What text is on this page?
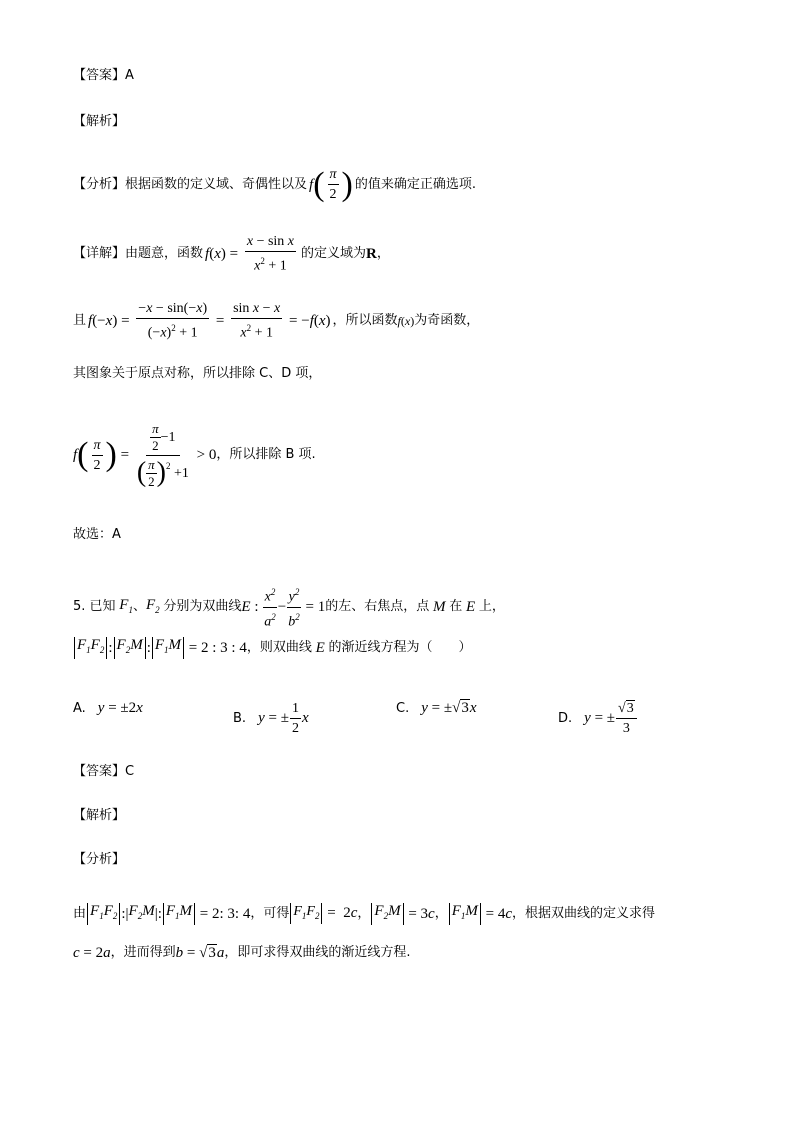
【答案】A
【解析】
【分析】 根据函数的定义域、奇偶性以及 f ( $\frac{\pi}{2}$ ) 的值来确定正确选项.
【详解】 由题意，函数 f ( x ) = $\frac{\text{x − sin x}}{x^2 + 1}$ 的定义域为 R ，
且 f (− x ) = $\frac{-x - \sin(-x)}{(-x)^2 + 1} = \frac{\text{sin x − x}}{x^2 + 1}$ = − f ( x ) ，所以函数 f(x) 为奇函数，
其图象关于原点对称，所以排除 C、D 项，
f ( $\frac{\pi}{2}$ ) = $\frac{\frac{\pi}{2} -1}{( \frac{\pi}{2} )^2 +1} > 0$ ，所以排除 B 项.
故选：A
5. 已知 $F_1$ 、 $F_2$ 分别为双曲线 E : $\frac{x^2}{a^2} - \frac{y^2}{b^2} = 1$ 的左、右焦点，点 M 在 E 上，
$F_1F_2$ : $F_2M$ : $F_1M = 2$ : 3 : 4 ，则双曲线 E 的渐近线方程为（　　）
A. y = ±2x
B. y = ± $\frac{1}{2}$ x
C. y = ±√3x
D. y = ± $\frac{√3}{3}$
【答案】C
【解析】
【分析】
由 $F_1F_2$ :| $F_2M$ |: $F_1M = 2$: 3: 4 ，可得 $F_1F_2 = 2c$ ， $F_2M = 3c$ ， $F_1M = 4c$ ，根据双曲线的定义求得
c = 2a ，进而得到 b = √3a ，即可求得双曲线的渐近线方程.
